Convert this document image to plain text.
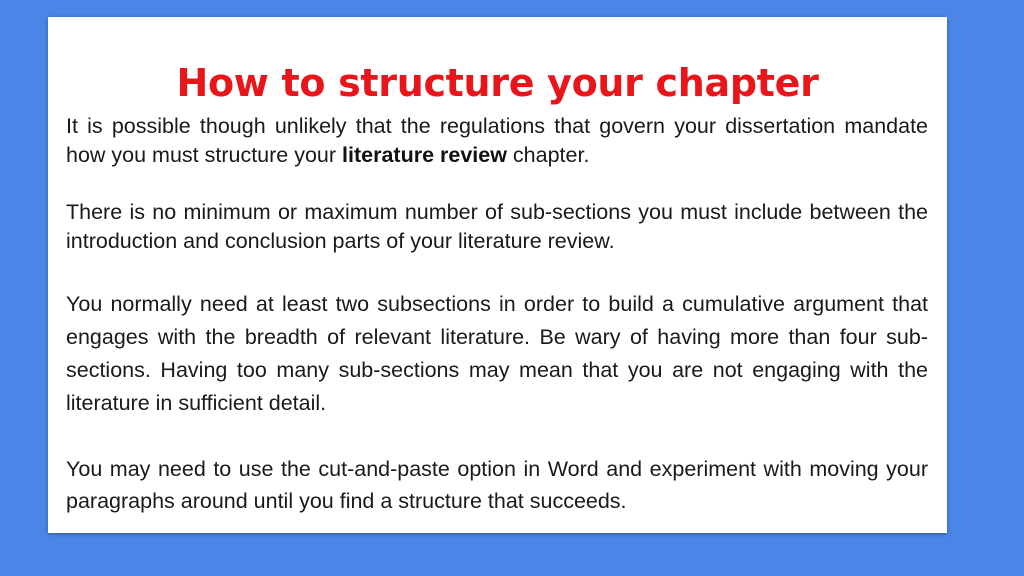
How to structure your chapter

It is possible though unlikely that the regulations that govern your dissertation mandate how you must structure your literature review chapter.

There is no minimum or maximum number of sub-sections you must include between the introduction and conclusion parts of your literature review.

You normally need at least two subsections in order to build a cumulative argument that engages with the breadth of relevant literature. Be wary of having more than four sub-sections. Having too many sub-sections may mean that you are not engaging with the literature in sufficient detail.

You may need to use the cut-and-paste option in Word and experiment with moving your paragraphs around until you find a structure that succeeds.
